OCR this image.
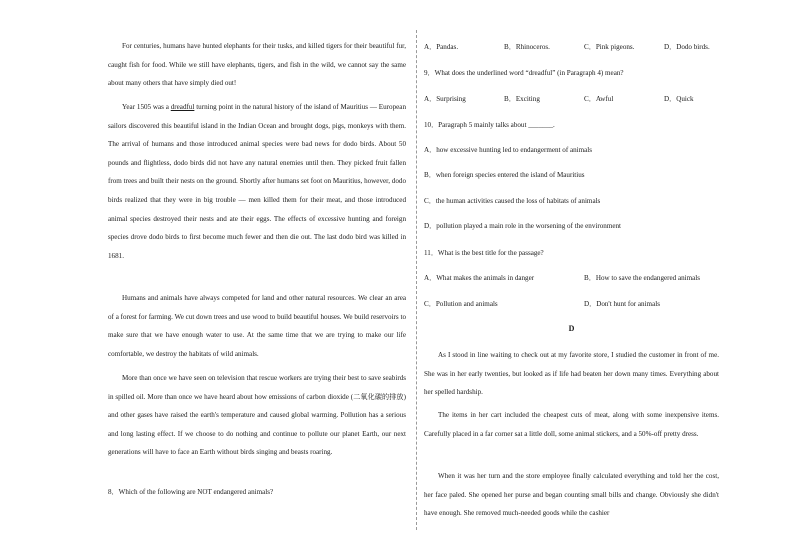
For centuries, humans have hunted elephants for their tusks, and killed tigers for their beautiful fur, caught fish for food. While we still have elephants, tigers, and fish in the wild, we cannot say the same about many others that have simply died out!

Year 1505 was a dreadful turning point in the natural history of the island of Mauritius — European sailors discovered this beautiful island in the Indian Ocean and brought dogs, pigs, monkeys with them. The arrival of humans and those introduced animal species were bad news for dodo birds. About 50 pounds and flightless, dodo birds did not have any natural enemies until then. They picked fruit fallen from trees and built their nests on the ground. Shortly after humans set foot on Mauritius, however, dodo birds realized that they were in big trouble — men killed them for their meat, and those introduced animal species destroyed their nests and ate their eggs. The effects of excessive hunting and foreign species drove dodo birds to first become much fewer and then die out. The last dodo bird was killed in 1681.

Humans and animals have always competed for land and other natural resources. We clear an area of a forest for farming. We cut down trees and use wood to build beautiful houses. We build reservoirs to make sure that we have enough water to use. At the same time that we are trying to make our life comfortable, we destroy the habitats of wild animals.

More than once we have seen on television that rescue workers are trying their best to save seabirds in spilled oil. More than once we have heard about how emissions of carbon dioxide (二氧化碳的排放) and other gases have raised the earth's temperature and caused global warming. Pollution has a serious and long lasting effect. If we choose to do nothing and continue to pollute our planet Earth, our next generations will have to face an Earth without birds singing and beasts roaring.

8．Which of the following are NOT endangered animals?

A．Pandas.	B．Rhinoceros.	C．Pink pigeons.	D．Dodo birds.

9．What does the underlined word “dreadful” (in Paragraph 4) mean?

A．Surprising	B．Exciting	C．Awful	D．Quick

10．Paragraph 5 mainly talks about _______.

A．how excessive hunting led to endangerment of animals

B．when foreign species entered the island of Mauritius

C．the human activities caused the loss of habitats of animals

D．pollution played a main role in the worsening of the environment

11．What is the best title for the passage?

A．What makes the animals in danger	B．How to save the endangered animals
C．Pollution and animals	D．Don't hunt for animals
D

As I stood in line waiting to check out at my favorite store, I studied the customer in front of me. She was in her early twenties, but looked as if life had beaten her down many times. Everything about her spelled hardship.

The items in her cart included the cheapest cuts of meat, along with some inexpensive items. Carefully placed in a far corner sat a little doll, some animal stickers, and a 50%-off pretty dress.

When it was her turn and the store employee finally calculated everything and told her the cost, her face paled. She opened her purse and began counting small bills and change. Obviously she didn't have enough. She removed much-needed goods while the cashier
